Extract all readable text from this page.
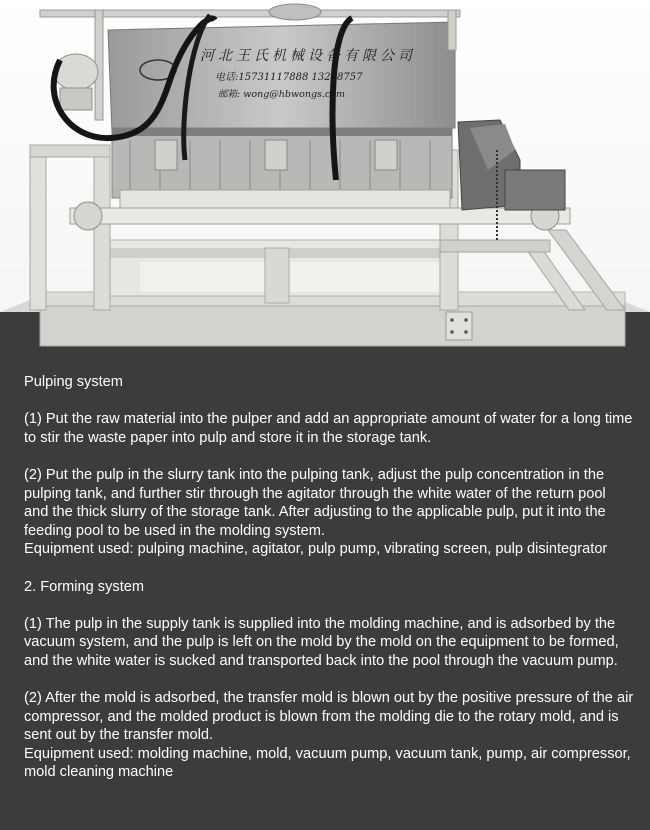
河北王氏机械设备有限公司
电话:15731117888 13218757
邮箱: wong@hbwongs.com

Pulping system

(1) Put the raw material into the pulper and add an appropriate amount of water for a long time to stir the waste paper into pulp and store it in the storage tank.

(2) Put the pulp in the slurry tank into the pulping tank, adjust the pulp concentration in the pulping tank, and further stir through the agitator through the white water of the return pool and the thick slurry of the storage tank. After adjusting to the applicable pulp, put it into the feeding pool to be used in the molding system.

Equipment used: pulping machine, agitator, pulp pump, vibrating screen, pulp disintegrator

2. Forming system

(1) The pulp in the supply tank is supplied into the molding machine, and is adsorbed by the vacuum system, and the pulp is left on the mold by the mold on the equipment to be formed, and the white water is sucked and transported back into the pool through the vacuum pump.

(2) After the mold is adsorbed, the transfer mold is blown out by the positive pressure of the air compressor, and the molded product is blown from the molding die to the rotary mold, and is sent out by the transfer mold.

Equipment used: molding machine, mold, vacuum pump, vacuum tank, pump, air compressor, mold cleaning machine
